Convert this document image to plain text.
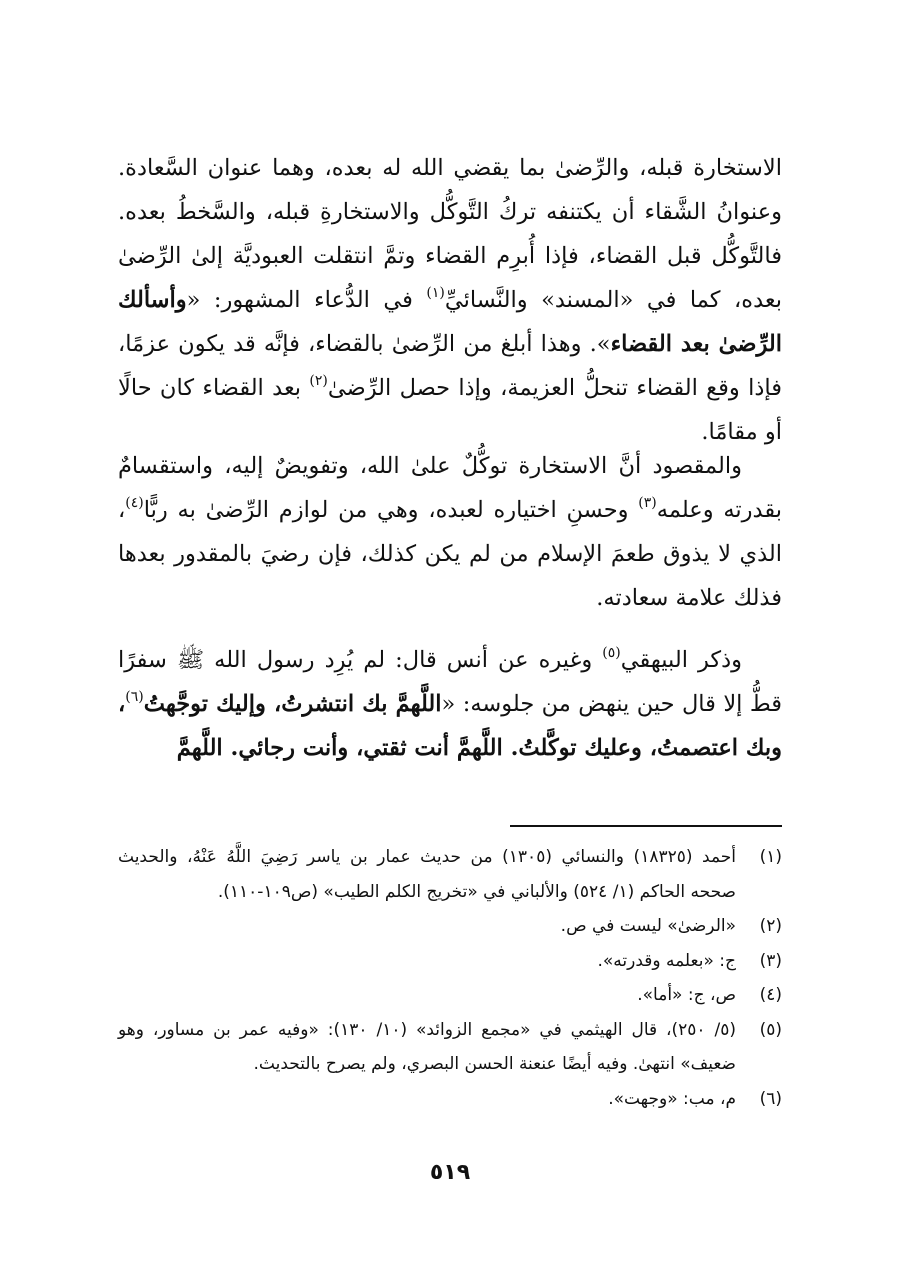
الاستخارة قبله، والرِّضىٰ بما يقضي الله له بعده، وهما عنوان السَّعادة. وعنوانُ الشَّقاء أن يكتنفه تركُ التَّوكُّل والاستخارةِ قبله، والسَّخطُ بعده. فالتَّوكُّل قبل القضاء، فإذا أُبرِم القضاء وتمَّ انتقلت العبوديَّة إلىٰ الرِّضىٰ بعده، كما في «المسند» والنَّسائيِّ$^{(١)}$ في الدُّعاء المشهور: «وأسألك الرِّضىٰ بعد القضاء». وهذا أبلغ من الرِّضىٰ بالقضاء، فإنَّه قد يكون عزمًا، فإذا وقع القضاء تنحلُّ العزيمة، وإذا حصل الرِّضىٰ$^{(٢)}$ بعد القضاء كان حالًا أو مقامًا.

والمقصود أنَّ الاستخارة توكُّلٌ علىٰ الله، وتفويضٌ إليه، واستقسامٌ بقدرته وعلمه$^{(٣)}$ وحسنِ اختياره لعبده، وهي من لوازم الرِّضىٰ به ربًّا$^{(٤)}$، الذي لا يذوق طعمَ الإسلام من لم يكن كذلك، فإن رضيَ بالمقدور بعدها فذلك علامة سعادته.

وذكر البيهقي$^{(٥)}$ وغيره عن أنس قال: لم يُرِد رسول الله ﷺ سفرًا قطُّ إلا قال حين ينهض من جلوسه: «اللَّهمَّ بك انتشرتُ، وإليك توجَّهتُ$^{(٦)}$، وبك اعتصمتُ، وعليك توكَّلتُ. اللَّهمَّ أنت ثقتي، وأنت رجائي. اللَّهمَّ

(١)
أحمد (١٨٣٢٥) والنسائي (١٣٠٥) من حديث عمار بن ياسر رَضِيَ اللَّهُ عَنْهُ، والحديث صححه الحاكم (١/ ٥٢٤) والألباني في «تخريج الكلم الطيب» (ص١٠٩-١١٠).
(٢)
«الرضىٰ» ليست في ص.
(٣)
ج: «بعلمه وقدرته».
(٤)
ص، ج: «أما».
(٥)
(٥/ ٢٥٠)، قال الهيثمي في «مجمع الزوائد» (١٠/ ١٣٠): «وفيه عمر بن مساور، وهو ضعيف» انتهىٰ. وفيه أيضًا عنعنة الحسن البصري، ولم يصرح بالتحديث.
(٦)
م، مب: «وجهت».
٥١٩
